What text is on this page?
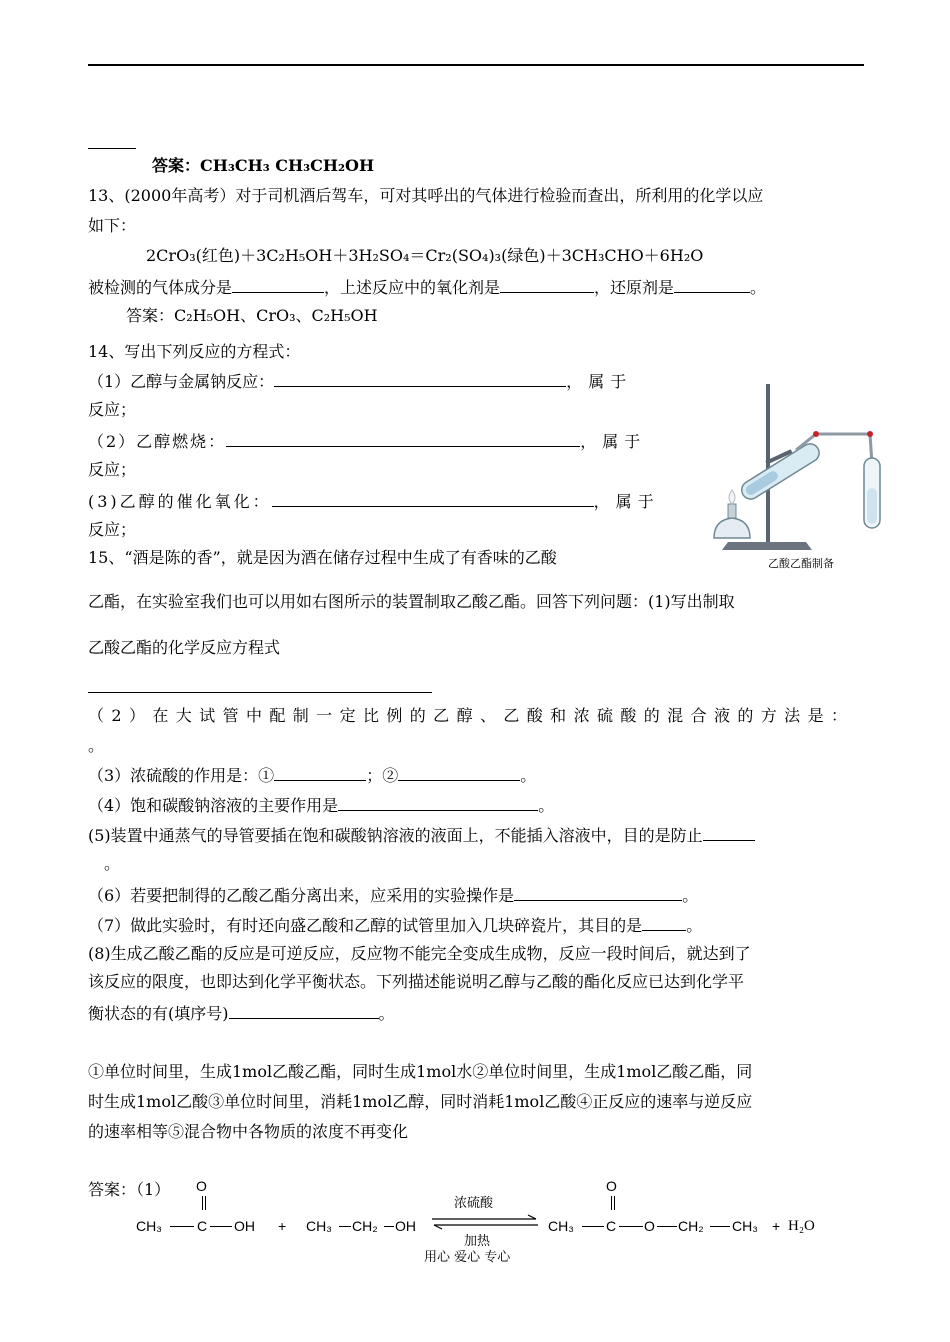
答案：CH₃CH₃ CH₃CH₂OH
13、(2000年高考）对于司机酒后驾车，可对其呼出的气体进行检验而查出，所利用的化学以应
如下：
2CrO₃(红色)＋3C₂H₅OH＋3H₂SO₄＝Cr₂(SO₄)₃(绿色)＋3CH₃CHO＋6H₂O
被检测的气体成分是	，上述反应中的氧化剂是	，还原剂是	。
答案：C₂H₅OH、CrO₃、C₂H₅OH
14、写出下列反应的方程式：
（1）乙醇与金属钠反应：	，属于
反应；
（2）乙醇燃烧：	，属于
反应；
(3)乙醇的催化氧化：	，属于
反应；
15、“酒是陈的香”，就是因为酒在储存过程中生成了有香味的乙酸	乙酸乙酯制备
乙酯，在实验室我们也可以用如右图所示的装置制取乙酸乙酯。回答下列问题：(1)写出制取
乙酸乙酯的化学反应方程式
（2）在大试管中配制一定比例的乙醇、乙酸和浓硫酸的混合液的方法是：
。
（3）浓硫酸的作用是：①	；②	。
（4）饱和碳酸钠溶液的主要作用是	。
(5)装置中通蒸气的导管要插在饱和碳酸钠溶液的液面上，不能插入溶液中，目的是防止
。
（6）若要把制得的乙酸乙酯分离出来，应采用的实验操作是	。
（7）做此实验时，有时还向盛乙酸和乙醇的试管里加入几块碎瓷片，其目的是	。
(8)生成乙酸乙酯的反应是可逆反应，反应物不能完全变成生成物，反应一段时间后，就达到了
该反应的限度，也即达到化学平衡状态。下列描述能说明乙醇与乙酸的酯化反应已达到化学平
衡状态的有(填序号)	。
①单位时间里，生成1mol乙酸乙酯，同时生成1mol水②单位时间里，生成1mol乙酸乙酯，同
时生成1mol乙酸③单位时间里，消耗1mol乙醇，同时消耗1mol乙酸④正反应的速率与逆反应
的速率相等⑤混合物中各物质的浓度不再变化
答案：（1） O
CH₃	C OH + CH₃ CH₂ OH
浓硫酸
加热
O
CH₃ C O CH₂ CH₃ + H₂O
用心 爱心 专心
